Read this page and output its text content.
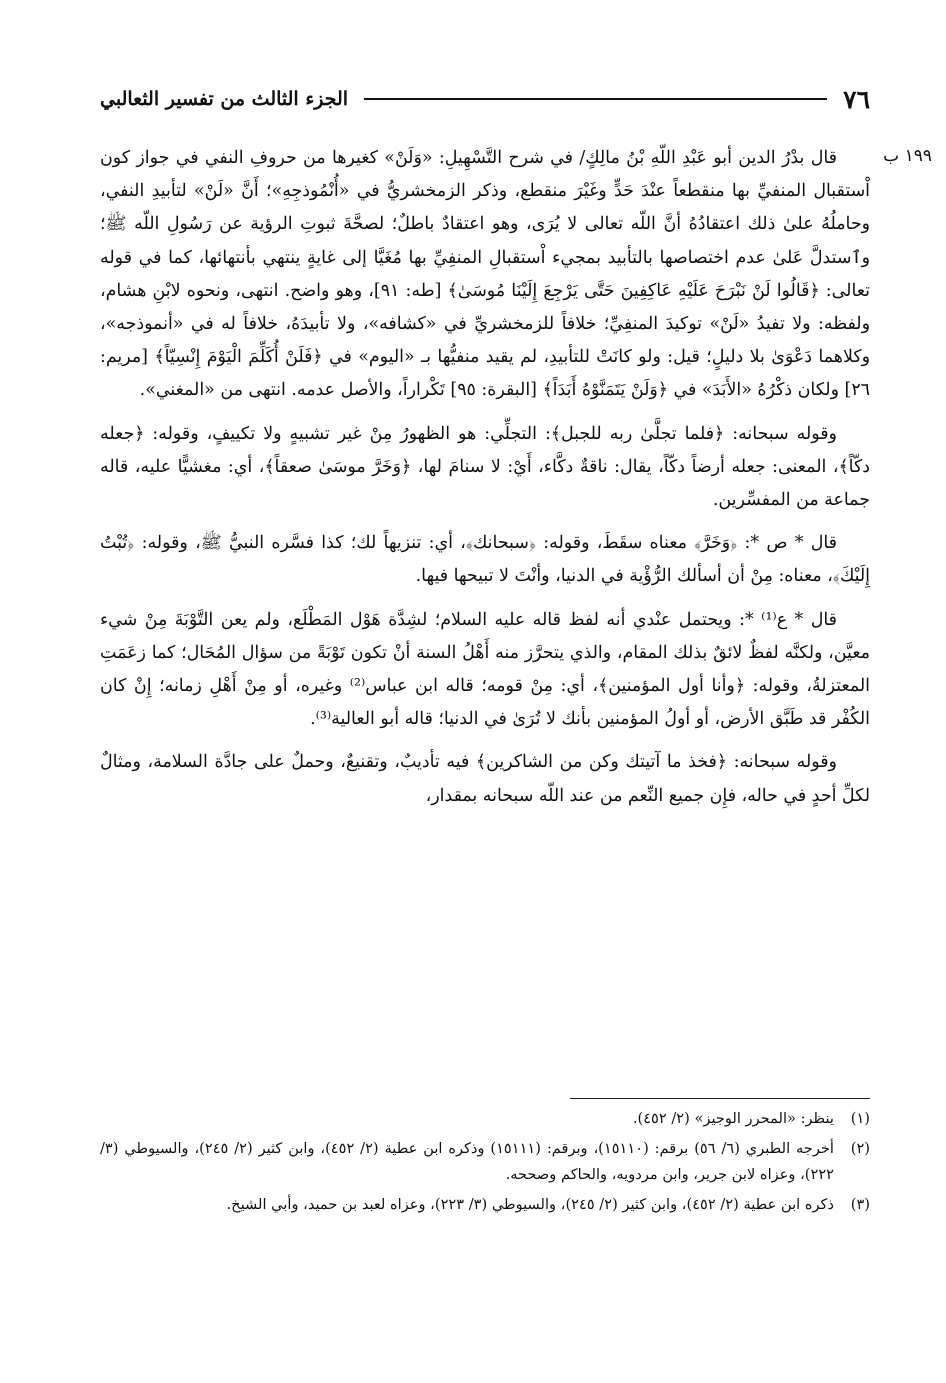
٧٦
الجزء الثالث من تفسير الثعالبي
١٩٩ ب

قال بدْرُ الدين أبو عَبْدِ اللّهِ بْنُ مالِكٍ/ في شرح التَّسْهِيلِ: «وَلَنْ» كغيرها من حروفِ النفي في جواز كون اْستقبال المنفيِّ بها منقطعاً عنْدَ حَدٍّ وغَيْرَ منقطع، وذكر الزمخشريُّ في «أُنْمُوذجِهِ»؛ أَنَّ «لَنْ» لتأبيدِ النفي، وحاملُهُ علىٰ ذلك اعتقادُهُ أنَّ اللّه تعالى لا يُرَى، وهو اعتقادٌ باطلٌ؛ لصحَّةَ ثبوتِ الرؤية عن رَسُولِ اللّه ﷺ؛ وٱستدلَّ عَلىٰ عدم اختصاصها بالتأبيد بمجيء اْستقبالِ المنفِيِّ بها مُغَيَّا إلى غايةٍ ينتهي بأنتهائها، كما في قوله تعالى: ﴿قَالُوا لَنْ نَبْرَحَ عَلَيْهِ عَاكِفِينَ حَتَّى يَرْجِعَ إِلَيْنَا مُوسَىٰ﴾ [طه: ٩١]، وهو واضح. انتهى، ونحوه لابْنِ هشام، ولفظه: ولا تفيدُ «لَنْ» توكيدَ المنفِيِّ؛ خلافاً للزمخشريِّ في «كشافه»، ولا تأبيدَهُ، خلافاً له في «أنموذجه»، وكلاهما دَعْوَىٰ بلا دليلٍ؛ قيل: ولو كانَتْ للتأبيدِ، لم يقيد منفيُّها بـ «اليوم» في ﴿فَلَنْ أُكَلِّمَ الْيَوْمَ إِنْسِيّاً﴾ [مريم: ٢٦] ولكان ذكْرُهُ «الأَبَدَ» في ﴿وَلَنْ يَتَمَنَّوْهُ أَبَدَاً﴾ [البقرة: ٩٥] تَكْراراً، والأصل عدمه. انتهى من «المغني».

وقوله سبحانه: ﴿فلما تجلَّىٰ ربه للجبل﴾: التجلِّي: هو الظهورُ مِنْ غير تشبيهٍ ولا تكييفٍ، وقوله: ﴿جعله دكّاً﴾، المعنى: جعله أرضاً دكّاً، يقال: ناقةٌ دكَّاء، أَيْ: لا سنامَ لها، ﴿وَخَرَّ موسَىٰ صعقاً﴾، أي: مغشيًّا عليه، قاله جماعة من المفسِّرين.

قال * ص *: ﴿وَخَرَّ﴾ معناه سقَطَ، وقوله: ﴿سبحانك﴾، أي: تنزيهاً لك؛ كذا فسَّره النبيُّ ﷺ، وقوله: ﴿تُبْتُ إِلَيْكَ﴾، معناه: مِنْ أن أسألك الرُّؤْية في الدنيا، وأنْتَ لا تبيحها فيها.

قال * ع⁽¹⁾ *: ويحتمل عنْدي أنه لفظ قاله عليه السلام؛ لشِدَّة هَوْل المَطْلَع، ولم يعن التَّوْبَةَ مِنْ شيء معيَّن، ولكنَّه لفظٌ لائقٌ بذلك المقام، والذي يتحرَّز منه أَهْلُ السنة أنْ تكون تَوْبَةً من سؤال المُحَال؛ كما زعَمَتِ المعتزلةُ، وقوله: ﴿وأنا أول المؤمنين﴾، أي: مِنْ قومه؛ قاله ابن عباس⁽²⁾ وغيره، أو مِنْ أَهْلِ زمانه؛ إِنْ كان الكُفْر قد طَبَّق الأرض، أو أولُ المؤمنين بأنك لا تُرَىٰ في الدنيا؛ قاله أبو العالية⁽³⁾.

وقوله سبحانه: ﴿فخذ ما آتيتك وكن من الشاكرين﴾ فيه تأديبٌ، وتقنيعٌ، وحملٌ على جادَّة السلامة، ومثالٌ لكلِّ أحدٍ في حاله، فإِن جميع النِّعم من عند اللّه سبحانه بمقدار،

(١)
ينظر: «المحرر الوجيز» (٢/ ٤٥٢).
(٢)
أخرجه الطبري (٦/ ٥٦) برقم: (١٥١١٠)، وبرقم: (١٥١١١) وذكره ابن عطية (٢/ ٤٥٢)، وابن كثير (٢/ ٢٤٥)، والسيوطي (٣/ ٢٢٢)، وعزاه لابن جرير، وابن مردويه، والحاكم وصححه.
(٣)
ذكره ابن عطية (٢/ ٤٥٢)، وابن كثير (٢/ ٢٤٥)، والسيوطي (٣/ ٢٢٣)، وعزاه لعبد بن حميد، وأبي الشيخ.
